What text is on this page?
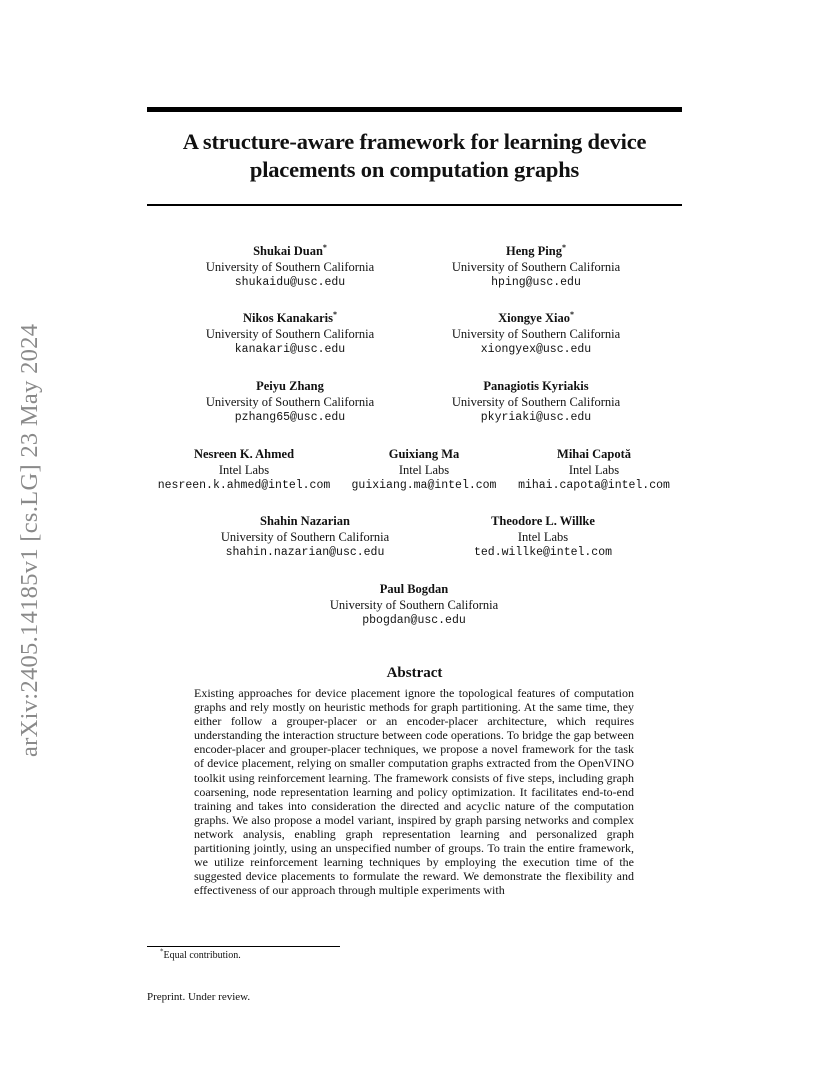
arXiv:2405.14185v1 [cs.LG] 23 May 2024
A structure-aware framework for learning device placements on computation graphs
Shukai Duan*
University of Southern California
shukaidu@usc.edu
Heng Ping*
University of Southern California
hping@usc.edu
Nikos Kanakaris*
University of Southern California
kanakari@usc.edu
Xiongye Xiao*
University of Southern California
xiongyex@usc.edu
Peiyu Zhang
University of Southern California
pzhang65@usc.edu
Panagiotis Kyriakis
University of Southern California
pkyriaki@usc.edu
Nesreen K. Ahmed
Intel Labs
nesreen.k.ahmed@intel.com
Guixiang Ma
Intel Labs
guixiang.ma@intel.com
Mihai Capotă
Intel Labs
mihai.capota@intel.com
Shahin Nazarian
University of Southern California
shahin.nazarian@usc.edu
Theodore L. Willke
Intel Labs
ted.willke@intel.com
Paul Bogdan
University of Southern California
pbogdan@usc.edu
Abstract
Existing approaches for device placement ignore the topological features of computation graphs and rely mostly on heuristic methods for graph partitioning. At the same time, they either follow a grouper-placer or an encoder-placer architecture, which requires understanding the interaction structure between code operations. To bridge the gap between encoder-placer and grouper-placer techniques, we propose a novel framework for the task of device placement, relying on smaller computation graphs extracted from the OpenVINO toolkit using reinforcement learning. The framework consists of five steps, including graph coarsening, node representation learning and policy optimization. It facilitates end-to-end training and takes into consideration the directed and acyclic nature of the computation graphs. We also propose a model variant, inspired by graph parsing networks and complex network analysis, enabling graph representation learning and personalized graph partitioning jointly, using an unspecified number of groups. To train the entire framework, we utilize reinforcement learning techniques by employing the execution time of the suggested device placements to formulate the reward. We demonstrate the flexibility and effectiveness of our approach through multiple experiments with
*Equal contribution.
Preprint. Under review.
